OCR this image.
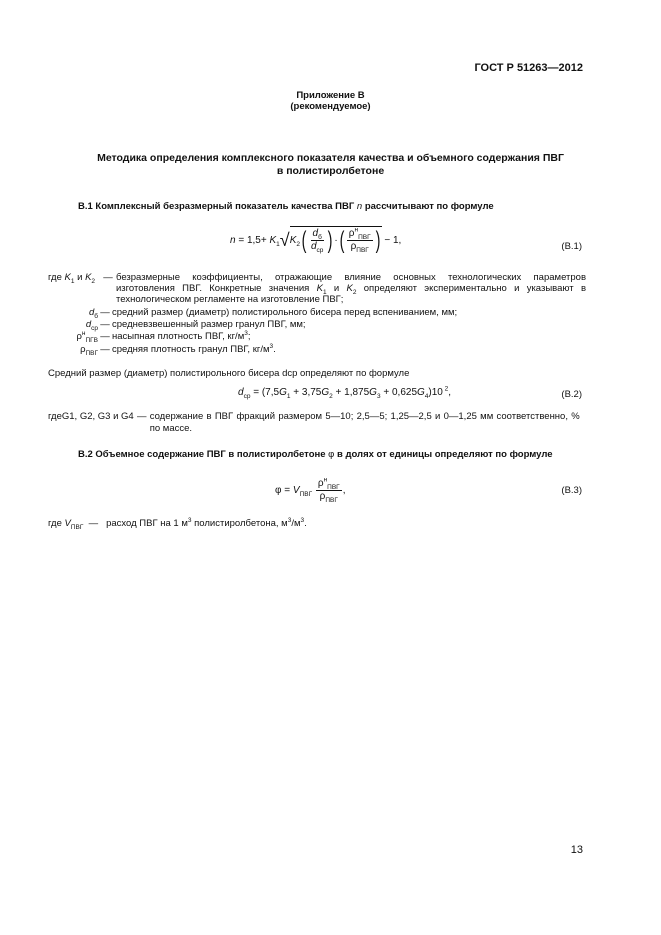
ГОСТ Р 51263—2012
Приложение В
(рекомендуемое)
Методика определения комплексного показателя качества и объемного содержания ПВГ
в полистиролбетоне
В.1 Комплексный безразмерный показатель качества ПВГ n рассчитывают по формуле
$n = 1,5+ K_1√K_2( \frac{d_б}{d_{ср}}$ ) ·( $\frac{\rho^н_{ПВГ}}{\rho_{ПВГ}}$ ) − 1,
(В.1)
где $K_1$ и $K_2$ — безразмерные коэффициенты, отражающие влияние основных технологических параметров изготовления ПВГ. Конкретные значения $K_1$ и $K_2$ определяют экспериментально и указывают в технологическом регламенте на изготовление ПВГ;
$d_б$ — средний размер (диаметр) полистирольного бисера перед вспениванием, мм;
$d_{ср}$ — средневзвешенный размер гранул ПВГ, мм;
$\rho^н_{ПГВ}$ — насыпная плотность ПВГ, $кг/м^3$;
$\rho_{ПВГ}$ — средняя плотность гранул ПВГ, $кг/м^3$.
Средний размер (диаметр) полистирольного бисера dср определяют по формуле
$d_{ср} = (7,5G_1 + 3,75G_2 + 1,875G_3 + 0,625G_4)10$ $^2$,	(В.2)
гдеG1, G2, G3 и G4 — содержание в ПВГ фракций размером 5—10; 2,5—5; 1,25—2,5 и 0—1,25 мм соответственно, % по массе.
В.2 Объемное содержание ПВГ в полистиролбетоне φ в долях от единицы определяют по формуле
$\varphi = V_{ПВГ} \frac{\rho^н_{ПВГ}}{\rho_{ПВГ}}$ ,	(В.3)
где $V_{ПВГ}$ — расход ПВГ на 1 $м^3$ полистиролбетона, $м^3/м^3$.
13
